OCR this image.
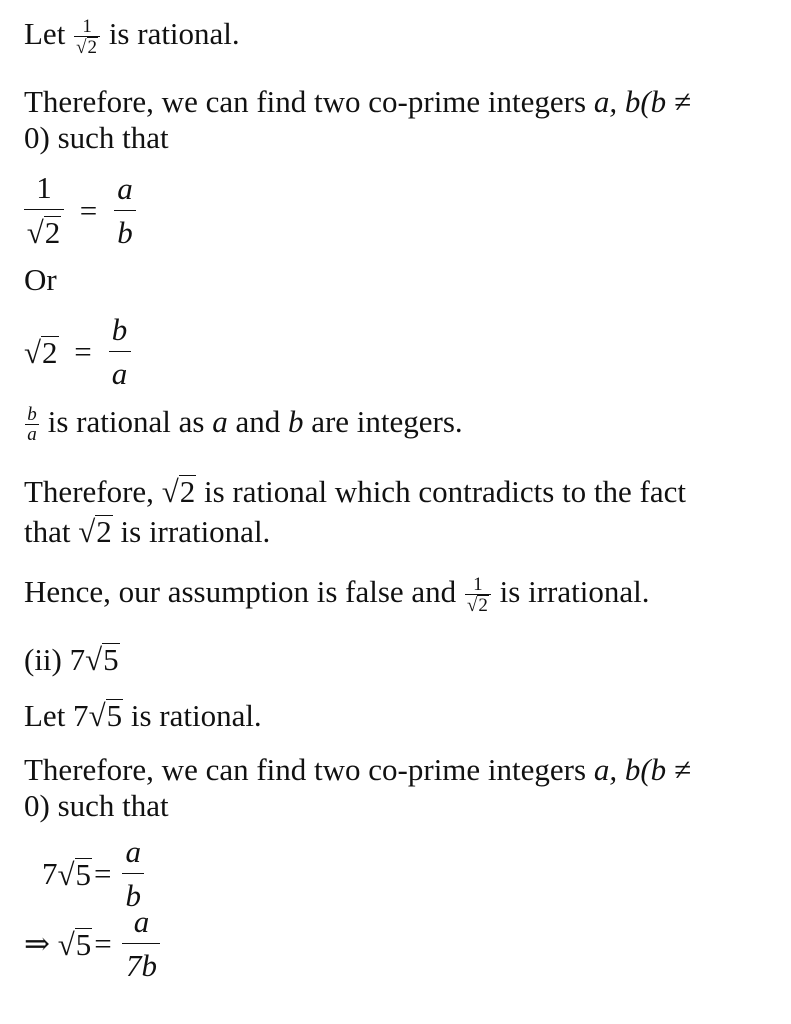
Let $\frac{1}{√2}$ is rational.
Therefore, we can find two co-prime integers a, b(b ≠
0) such that
$\frac{1}{√2} = \frac{a}{b}$
Or
$√2 = \frac{b}{a}$
$\frac{b}{a}$ is rational as a and b are integers.
Therefore, √2 is rational which contradicts to the fact
that √2 is irrational.
Hence, our assumption is false and $\frac{1}{√2}$ is irrational.
(ii) 7√5
Let 7√5 is rational.
Therefore, we can find two co-prime integers a, b(b ≠
0) such that
$7√5= \frac{a}{b}$
⇒ $√5= \frac{a}{7b}$
